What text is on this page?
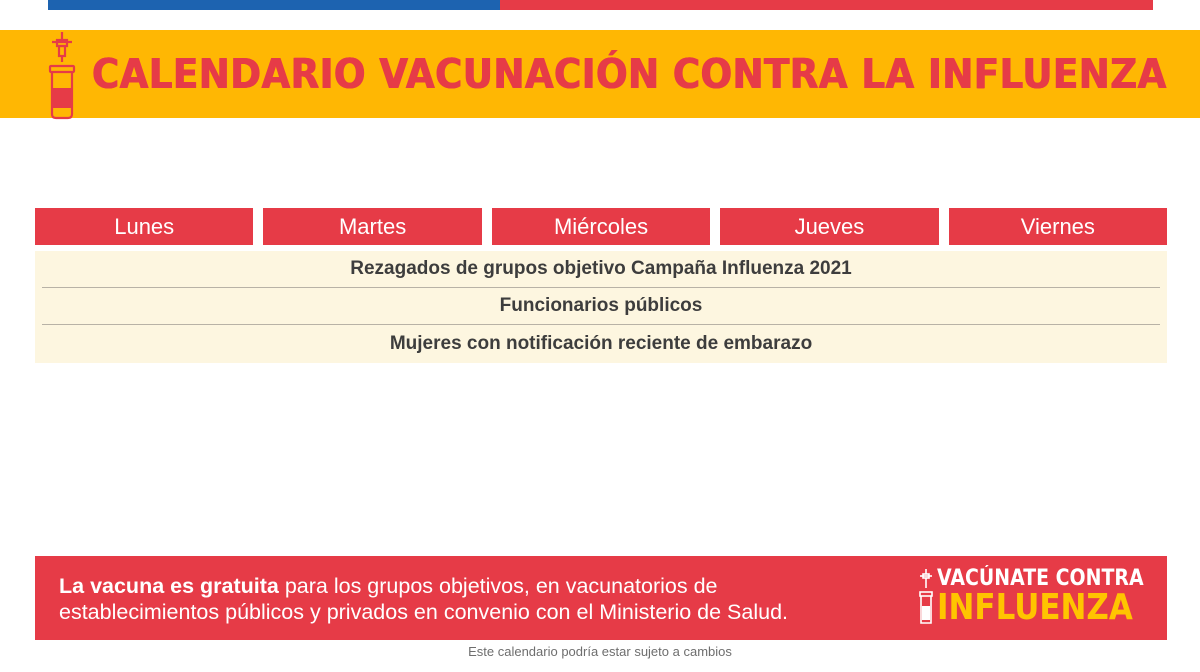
CALENDARIO VACUNACIÓN CONTRA LA INFLUENZA
Lunes	Martes	Miércoles	Jueves	Viernes
Rezagados de grupos objetivo Campaña Influenza 2021
Funcionarios públicos
Mujeres con notificación reciente de embarazo
La vacuna es gratuita para los grupos objetivos, en vacunatorios de
establecimientos públicos y privados en convenio con el Ministerio de Salud.
VACÚNATE CONTRA
INFLUENZA
Este calendario podría estar sujeto a cambios
